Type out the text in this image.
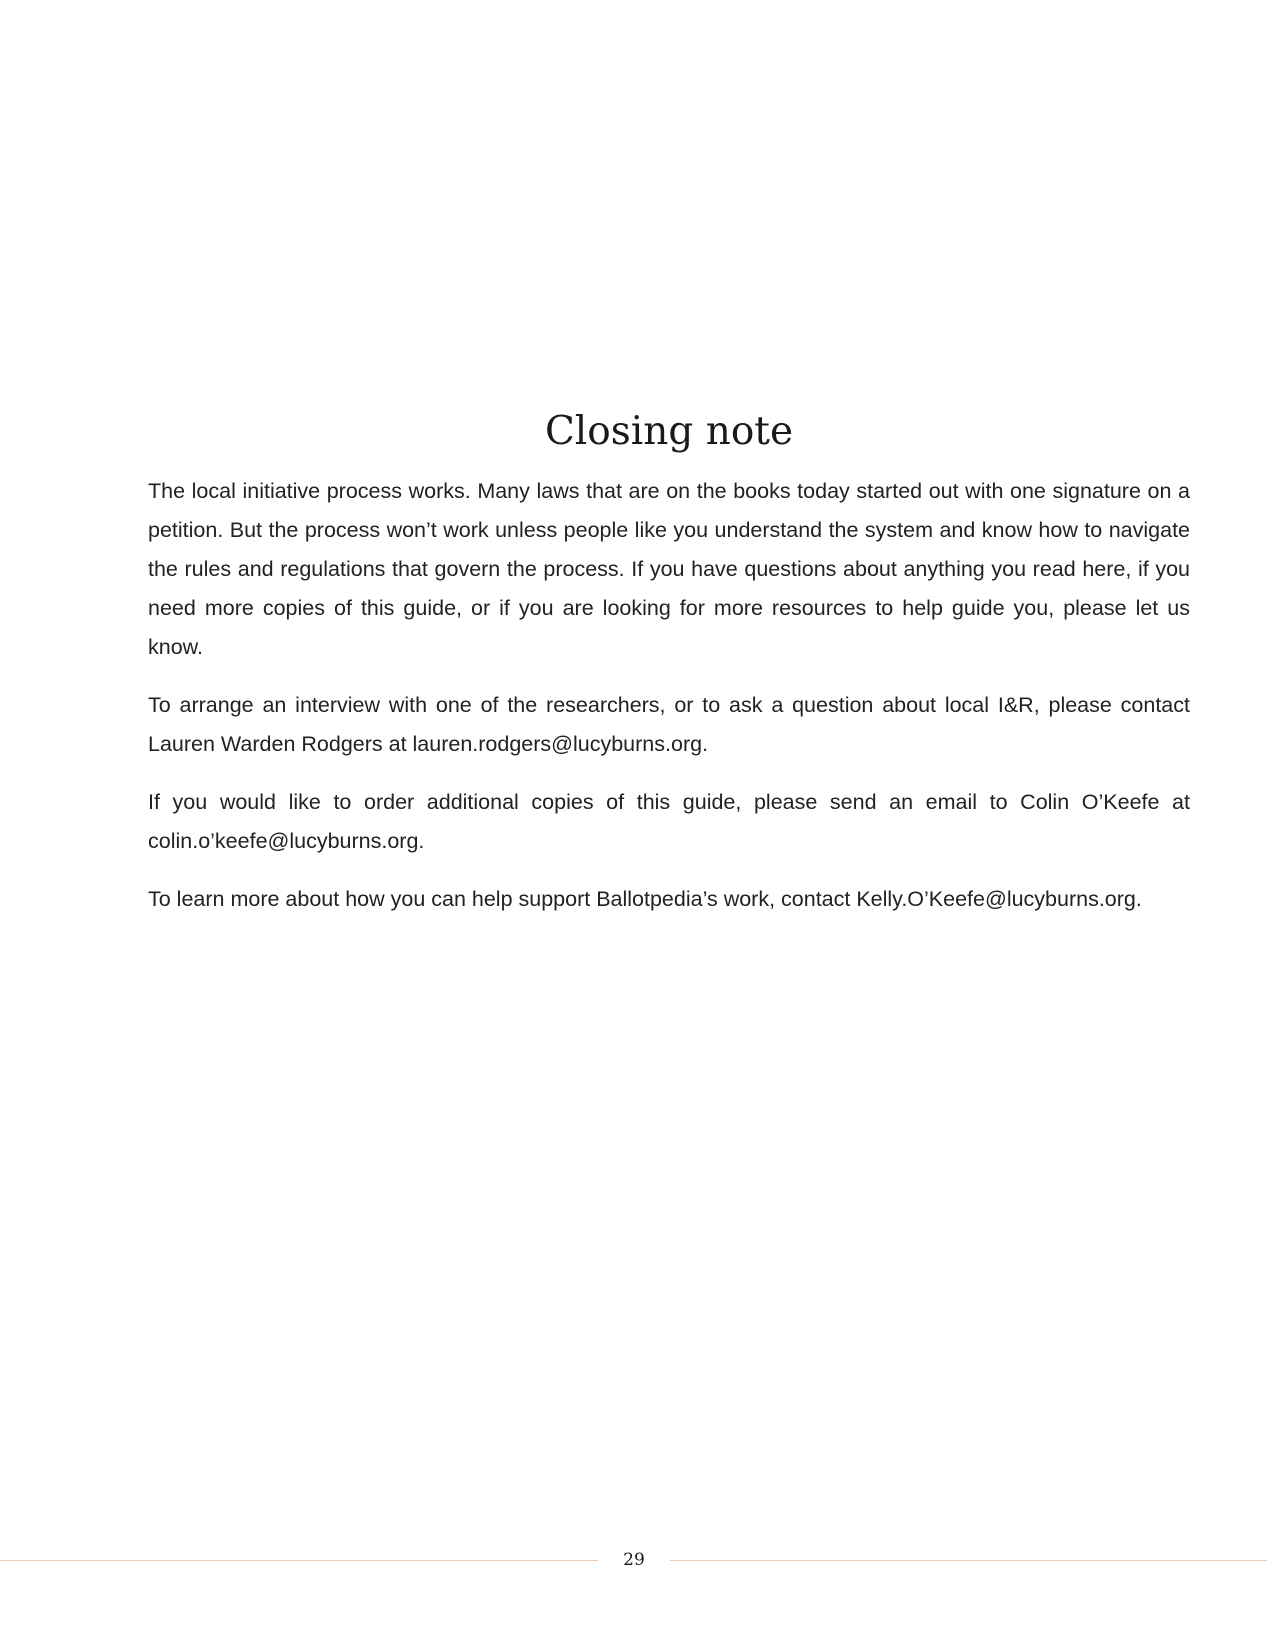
Closing note

The local initiative process works. Many laws that are on the books today started out with one signature on a petition. But the process won’t work unless people like you understand the system and know how to navigate the rules and regulations that govern the process. If you have questions about anything you read here, if you need more copies of this guide, or if you are looking for more resources to help guide you, please let us know.

To arrange an interview with one of the researchers, or to ask a question about local I&R, please contact Lauren Warden Rodgers at lauren.rodgers@lucyburns.org.

If you would like to order additional copies of this guide, please send an email to Colin O’Keefe at colin.o’keefe@lucyburns.org.

To learn more about how you can help support Ballotpedia’s work, contact Kelly.O’Keefe@lucyburns.org.

29
